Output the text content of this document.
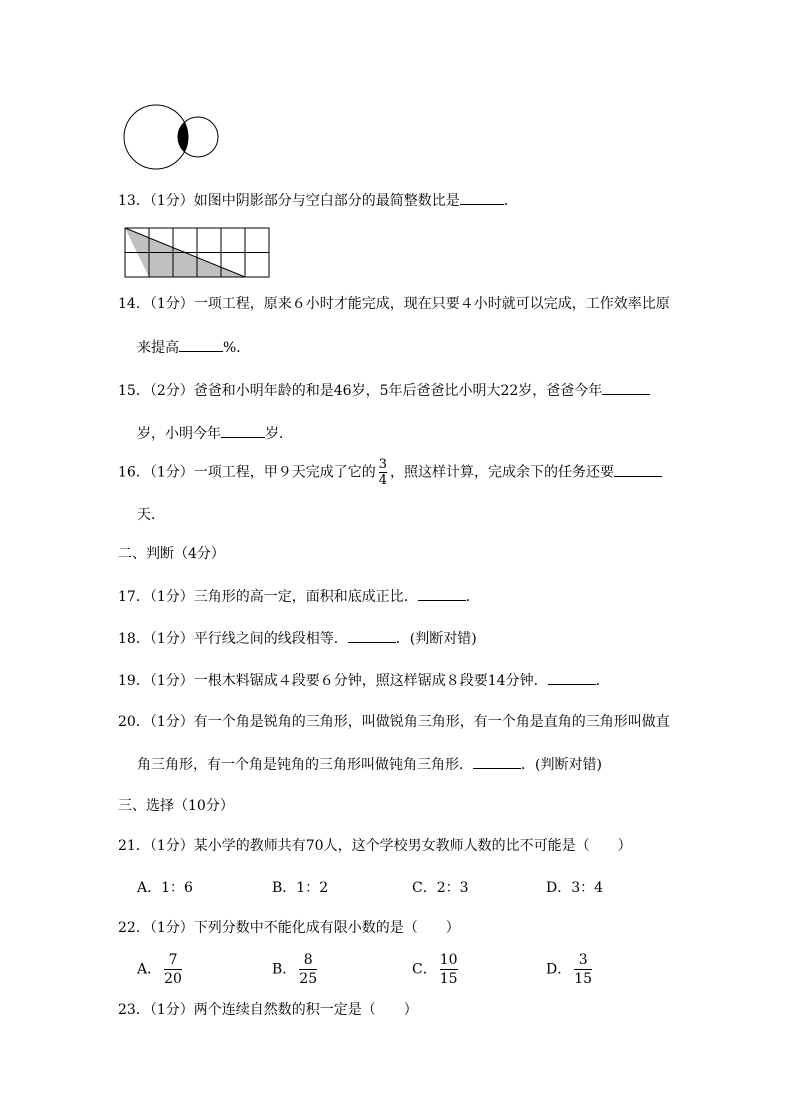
13．（1分）如图中阴影部分与空白部分的最简整数比是	．
14．（1分）一项工程，原来６小时才能完成，现在只要４小时就可以完成，工作效率比原
来提高	%．
15．（2分）爸爸和小明年龄的和是46岁，5年后爸爸比小明大22岁，爸爸今年
岁，小明今年	岁．
16．（1分）一项工程，甲９天完成了它的 $\frac{3}{4}$ ，照这样计算，完成余下的任务还要
天．
二、判断（4分）
17．（1分）三角形的高一定，面积和底成正比．	．
18．（1分）平行线之间的线段相等．	．(判断对错)
19．（1分）一根木料锯成４段要６分钟，照这样锯成８段要14分钟．	．
20．（1分）有一个角是锐角的三角形，叫做锐角三角形，有一个角是直角的三角形叫做直
角三角形，有一个角是钝角的三角形叫做钝角三角形．	．(判断对错)
三、选择（10分）
21．（1分）某小学的教师共有70人，这个学校男女教师人数的比不可能是（　　）
A．1：6	B．1：2	C．2：3	D．3：4
22．（1分）下列分数中不能化成有限小数的是（　　）
A． $\frac{7}{20}$	B． $\frac{8}{25}$	C． $\frac{10}{15}$	D． $\frac{3}{15}$
23．（1分）两个连续自然数的积一定是（　　）
